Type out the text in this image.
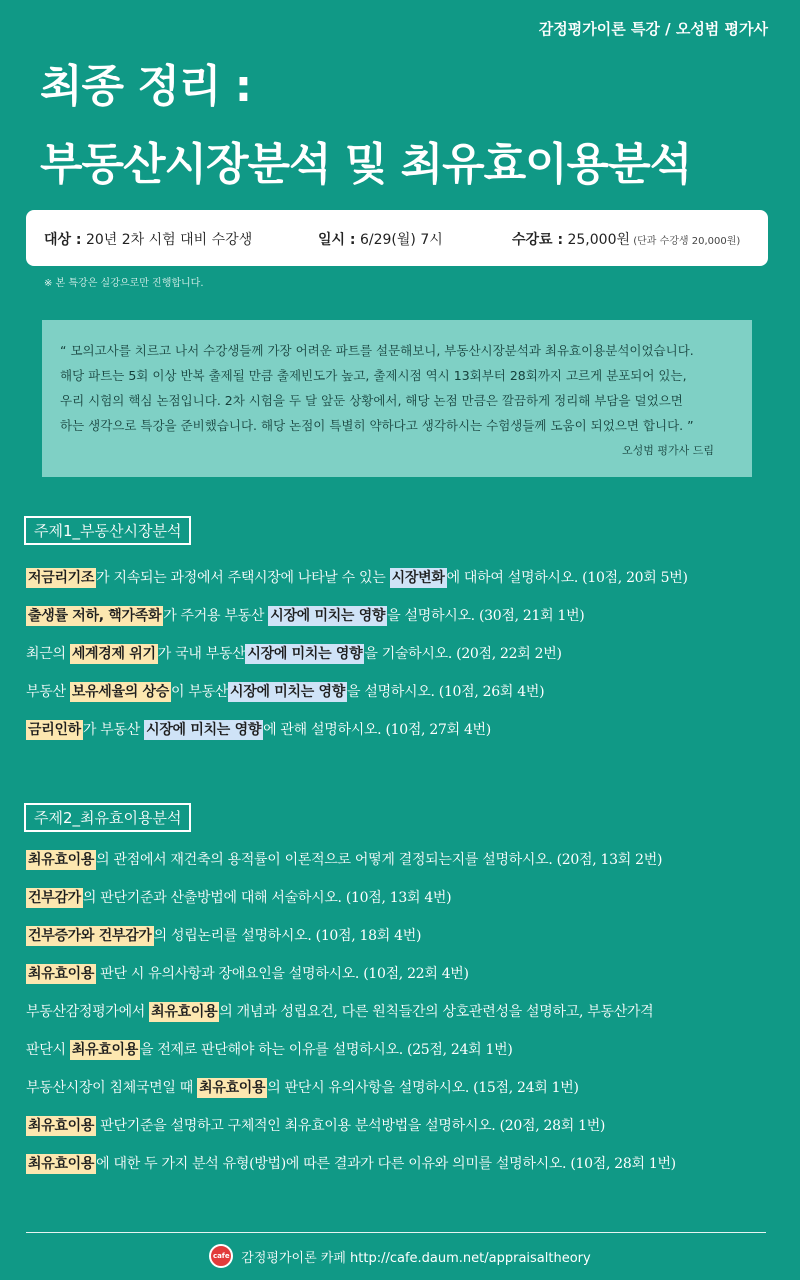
감정평가이론 특강 / 오성범 평가사
최종 정리 :
부동산시장분석 및 최유효이용분석
대상 : 20년 2차 시험 대비 수강생	일시 : 6/29(월) 7시	수강료 : 25,000원 (단과 수강생 20,000원)
※ 본 특강은 실강으로만 진행합니다.

“ 모의고사를 치르고 나서 수강생들께 가장 어려운 파트를 설문해보니, 부동산시장분석과 최유효이용분석이었습니다.

해당 파트는 5회 이상 반복 출제될 만큼 출제빈도가 높고, 출제시점 역시 13회부터 28회까지 고르게 분포되어 있는,

우리 시험의 핵심 논점입니다. 2차 시험을 두 달 앞둔 상황에서, 해당 논점 만큼은 깔끔하게 정리해 부담을 덜었으면

하는 생각으로 특강을 준비했습니다. 해당 논점이 특별히 약하다고 생각하시는 수험생들께 도움이 되었으면 합니다. ”

오성범 평가사 드림

주제1_부동산시장분석
저금리기조 가 지속되는 과정에서 주택시장에 나타날 수 있는 시장변화 에 대하여 설명하시오. (10점, 20회 5번)
출생률 저하, 핵가족화 가 주거용 부동산 시장에 미치는 영향 을 설명하시오. (30점, 21회 1번)
최근의 세계경제 위기 가 국내 부동산 시장에 미치는 영향 을 기술하시오. (20점, 22회 2번)
부동산 보유세율의 상승 이 부동산 시장에 미치는 영향 을 설명하시오. (10점, 26회 4번)
금리인하 가 부동산 시장에 미치는 영향 에 관해 설명하시오. (10점, 27회 4번)
주제2_최유효이용분석
최유효이용 의 관점에서 재건축의 용적률이 이론적으로 어떻게 결정되는지를 설명하시오. (20점, 13회 2번)
건부감가 의 판단기준과 산출방법에 대해 서술하시오. (10점, 13회 4번)
건부증가와 건부감가 의 성립논리를 설명하시오. (10점, 18회 4번)
최유효이용 판단 시 유의사항과 장애요인을 설명하시오. (10점, 22회 4번)
부동산감정평가에서 최유효이용 의 개념과 성립요건, 다른 원칙들간의 상호관련성을 설명하고, 부동산가격
판단시 최유효이용 을 전제로 판단해야 하는 이유를 설명하시오. (25점, 24회 1번)
부동산시장이 침체국면일 때 최유효이용 의 판단시 유의사항을 설명하시오. (15점, 24회 1번)
최유효이용 판단기준을 설명하고 구체적인 최유효이용 분석방법을 설명하시오. (20점, 28회 1번)
최유효이용 에 대한 두 가지 분석 유형(방법)에 따른 결과가 다른 이유와 의미를 설명하시오. (10점, 28회 1번)
cafe 감정평가이론 카페 http://cafe.daum.net/appraisaltheory
